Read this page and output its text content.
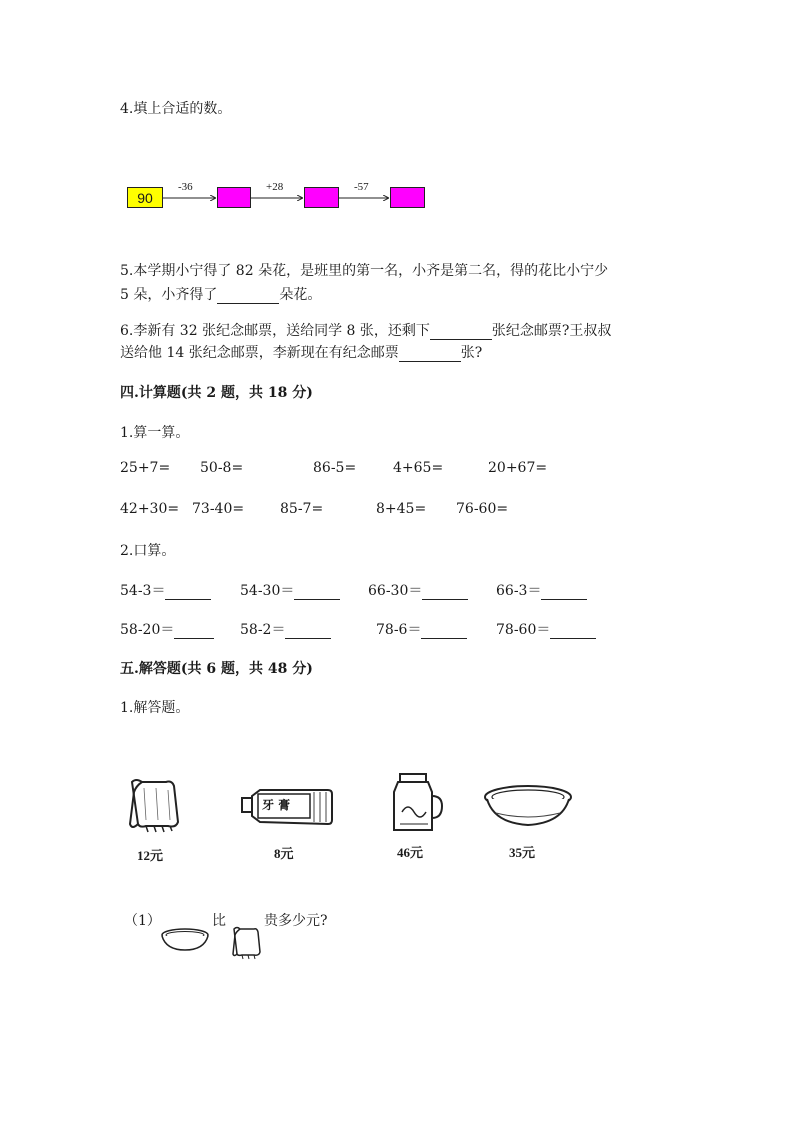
4.填上合适的数。
90
-36	+28	-57
5.本学期小宁得了 82 朵花，是班里的第一名，小齐是第二名，得的花比小宁少
5 朵，小齐得了	朵花。
6.李新有 32 张纪念邮票，送给同学 8 张，还剩下	张纪念邮票?王叔叔
送给他 14 张纪念邮票，李新现在有纪念邮票	张?
四.计算题(共 2 题，共 18 分)
1.算一算。
25+7= 50-8=	86-5=	4+65=	20+67=
42+30= 73-40=	85-7=	8+45= 76-60=
2.口算。
54-3＝	54-30＝	66-30＝	66-3＝
58-20＝	58-2＝	78-6＝	78-60＝
五.解答题(共 6 题，共 48 分)
1.解答题。
12元
牙 膏
8元	46元	35元
（1）	比	贵多少元?
